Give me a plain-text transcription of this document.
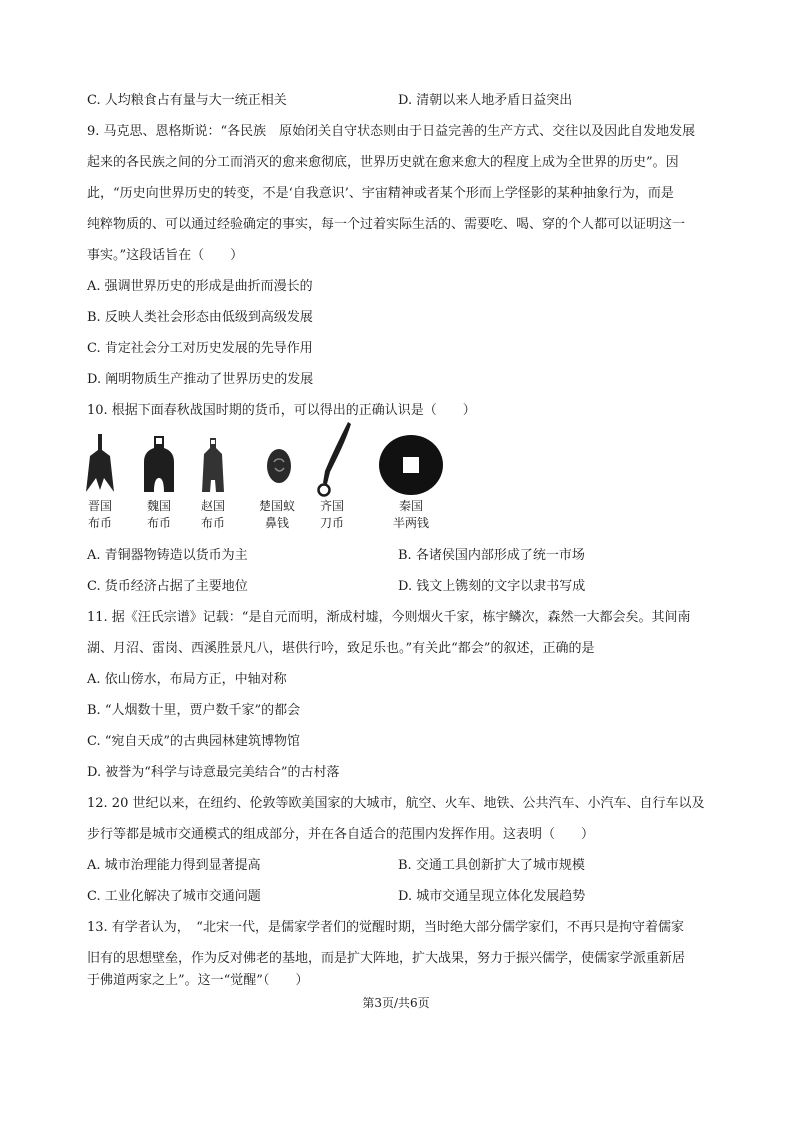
C. 人均粮食占有量与大一统正相关	D. 清朝以来人地矛盾日益突出
9. 马克思、恩格斯说：“各民族　原始闭关自守状态则由于日益完善的生产方式、交往以及因此自发地发展
起来的各民族之间的分工而消灭的愈来愈彻底，世界历史就在愈来愈大的程度上成为全世界的历史”。因
此，“历史向世界历史的转变，不是‘自我意识’、宇宙精神或者某个形而上学怪影的某种抽象行为，而是
纯粹物质的、可以通过经验确定的事实，每一个过着实际生活的、需要吃、喝、穿的个人都可以证明这一
事实。”这段话旨在（　　）
A. 强调世界历史的形成是曲折而漫长的
B. 反映人类社会形态由低级到高级发展
C. 肯定社会分工对历史发展的先导作用
D. 阐明物质生产推动了世界历史的发展
10. 根据下面春秋战国时期的货币，可以得出的正确认识是（　　）
晋国
布币
魏国
布币
赵国
布币
楚国蚁
鼻钱
齐国
刀币
秦国
半两钱
A. 青铜器物铸造以货币为主	B. 各诸侯国内部形成了统一市场
C. 货币经济占据了主要地位	D. 钱文上镌刻的文字以隶书写成
11. 据《汪氏宗谱》记载：“是自元而明，渐成村墟，今则烟火千家，栋宇鳞次，森然一大都会矣。其间南
湖、月沼、雷岗、西溪胜景凡八，堪供行吟，致足乐也。”有关此“都会”的叙述，正确的是
A. 依山傍水，布局方正，中轴对称
B. “人烟数十里，贾户数千家”的都会
C. “宛自天成”的古典园林建筑博物馆
D. 被誉为“科学与诗意最完美结合”的古村落
12. 20 世纪以来，在纽约、伦敦等欧美国家的大城市，航空、火车、地铁、公共汽车、小汽车、自行车以及
步行等都是城市交通模式的组成部分，并在各自适合的范围内发挥作用。这表明（　　）
A. 城市治理能力得到显著提高	B. 交通工具创新扩大了城市规模
C. 工业化解决了城市交通问题	D. 城市交通呈现立体化发展趋势
13. 有学者认为，　“北宋一代，是儒家学者们的觉醒时期，当时绝大部分儒学家们，不再只是拘守着儒家
旧有的思想壁垒，作为反对佛老的基地，而是扩大阵地，扩大战果，努力于振兴儒学，使儒家学派重新居
于佛道两家之上”。这一“觉醒”（　　）
第3页/共6页
